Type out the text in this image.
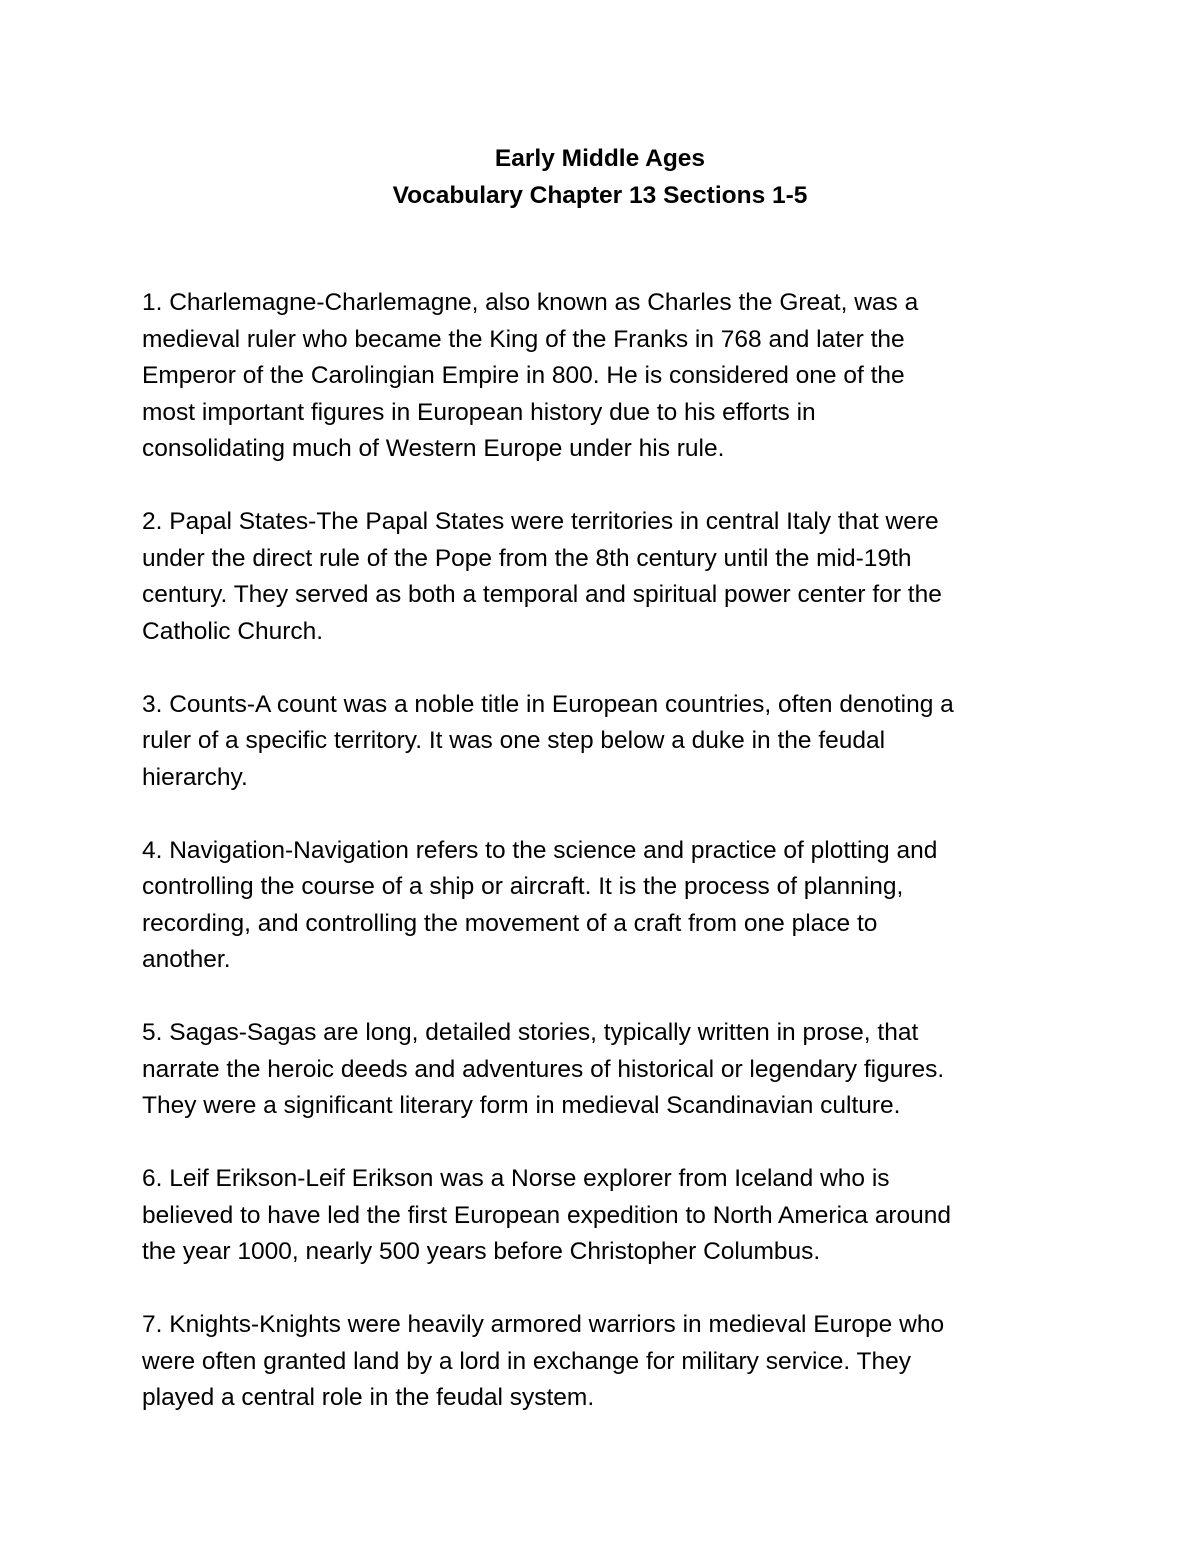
Early Middle Ages
Vocabulary Chapter 13 Sections 1-5
1. Charlemagne-Charlemagne, also known as Charles the Great, was a
medieval ruler who became the King of the Franks in 768 and later the
Emperor of the Carolingian Empire in 800. He is considered one of the
most important figures in European history due to his efforts in
consolidating much of Western Europe under his rule.
2. Papal States-The Papal States were territories in central Italy that were
under the direct rule of the Pope from the 8th century until the mid-19th
century. They served as both a temporal and spiritual power center for the
Catholic Church.
3. Counts-A count was a noble title in European countries, often denoting a
ruler of a specific territory. It was one step below a duke in the feudal
hierarchy.
4. Navigation-Navigation refers to the science and practice of plotting and
controlling the course of a ship or aircraft. It is the process of planning,
recording, and controlling the movement of a craft from one place to
another.
5. Sagas-Sagas are long, detailed stories, typically written in prose, that
narrate the heroic deeds and adventures of historical or legendary figures.
They were a significant literary form in medieval Scandinavian culture.
6. Leif Erikson-Leif Erikson was a Norse explorer from Iceland who is
believed to have led the first European expedition to North America around
the year 1000, nearly 500 years before Christopher Columbus.
7. Knights-Knights were heavily armored warriors in medieval Europe who
were often granted land by a lord in exchange for military service. They
played a central role in the feudal system.
